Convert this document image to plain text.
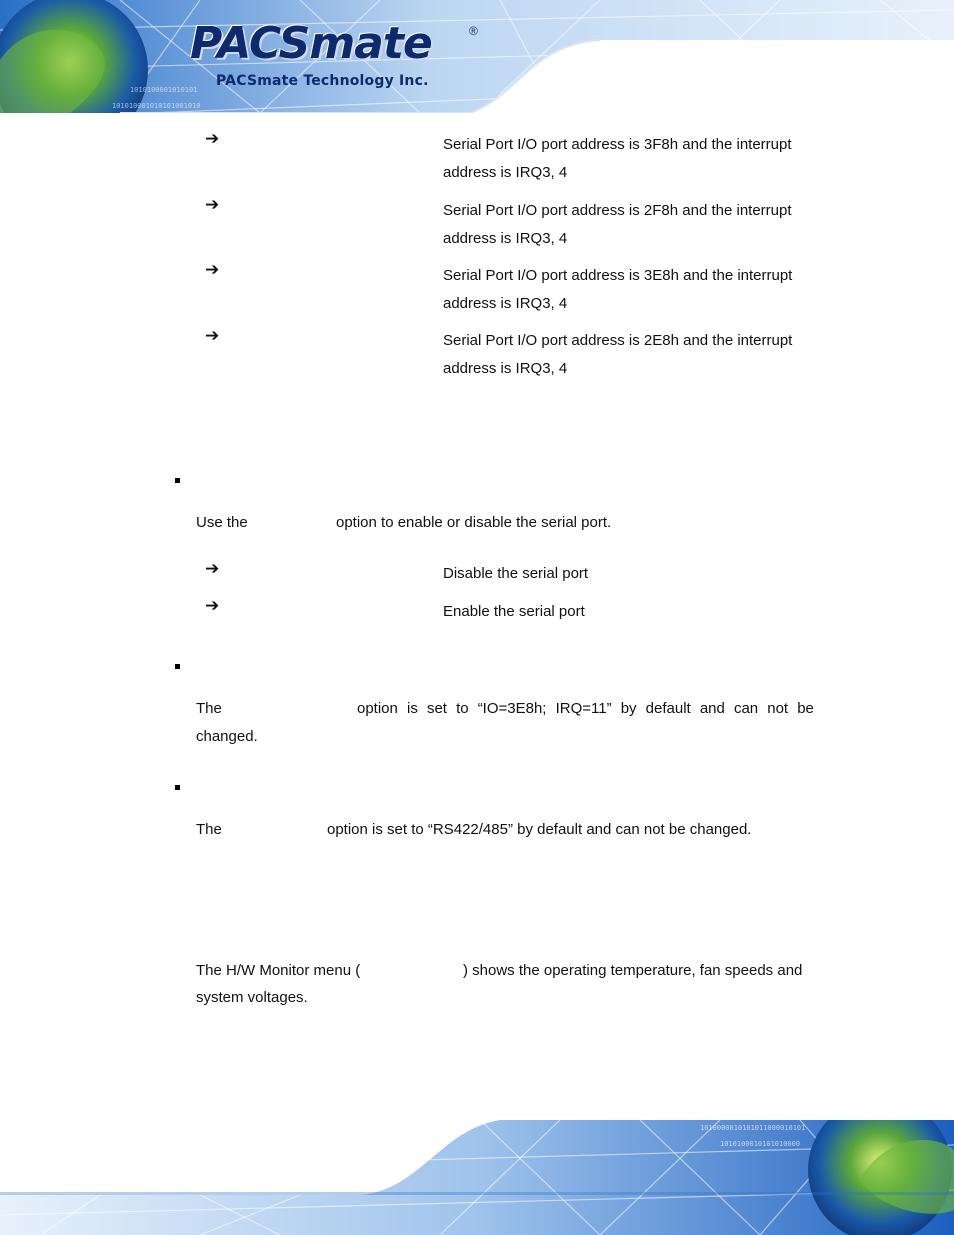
1010100001010101
101010001010101001010
PACSmate	®
PACSmate Technology Inc.
➔	Serial Port I/O port address is 3F8h and the interrupt
address is IRQ3, 4
➔	Serial Port I/O port address is 2F8h and the interrupt
address is IRQ3, 4
➔	Serial Port I/O port address is 3E8h and the interrupt
address is IRQ3, 4
➔	Serial Port I/O port address is 2E8h and the interrupt
address is IRQ3, 4
Use the	option to enable or disable the serial port.
➔	Disable the serial port
➔	Enable the serial port
The	option is set to “IO=3E8h; IRQ=11” by default and can not be
changed.
The	option is set to “RS422/485” by default and can not be changed.
The H/W Monitor menu (	) shows the operating temperature, fan speeds and
system voltages.
1010000010101011000010101
1010100010101010000
